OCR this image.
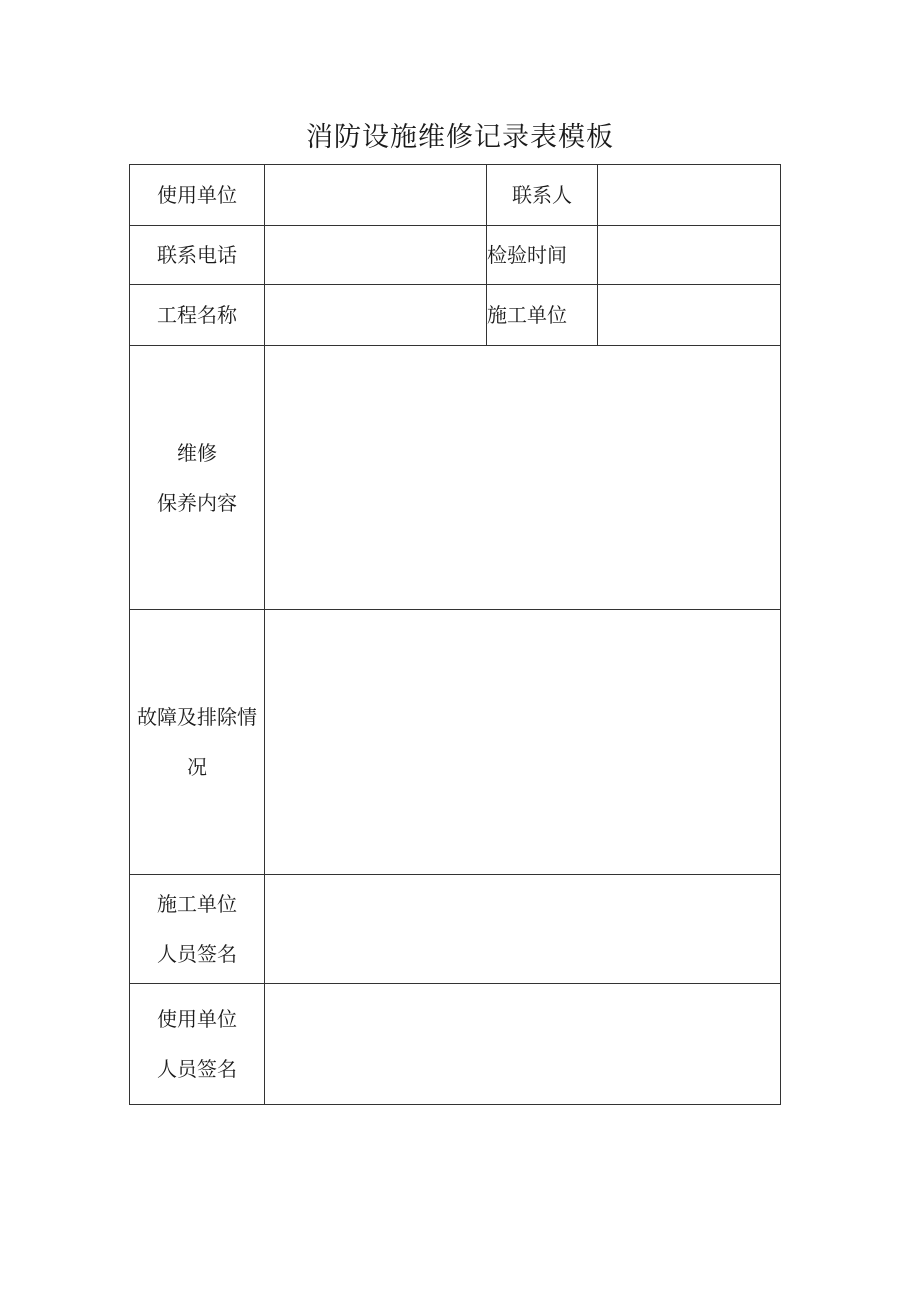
消防设施维修记录表模板
使用单位		联系人	
联系电话		检验时间	
工程名称		施工单位	

维修
保养内容			

故障及排除情
况			

施工单位
人员签名			

使用单位
人员签名			
